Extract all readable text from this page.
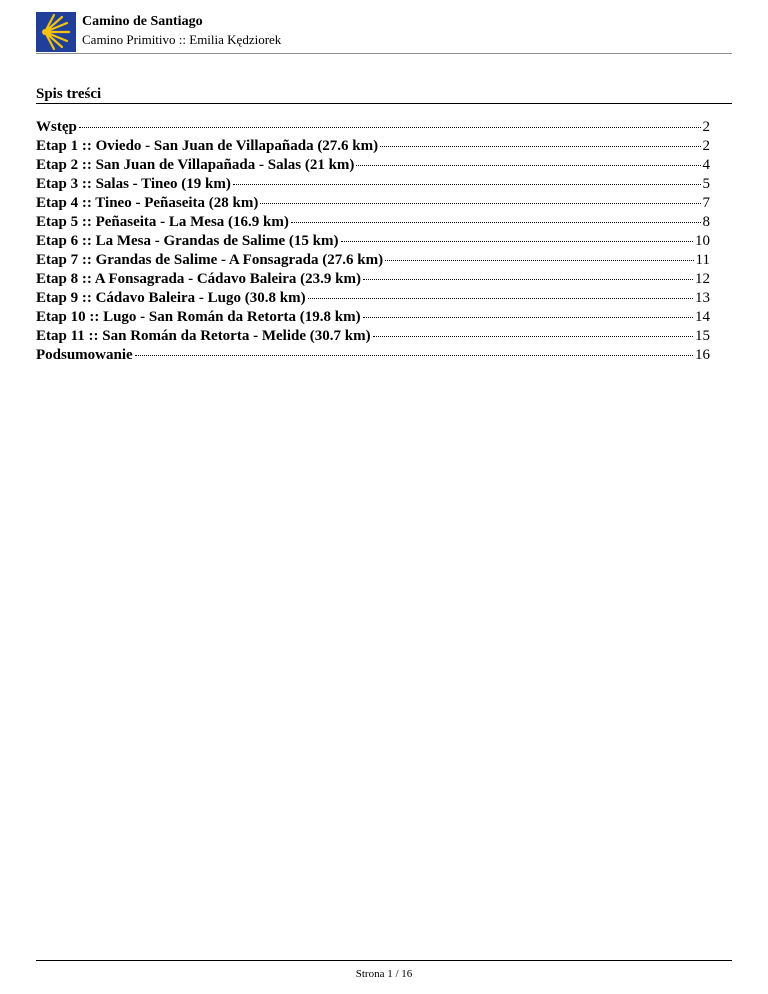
Camino de Santiago
Camino Primitivo :: Emilia Kędziorek
Spis treści
Wstęp	2
Etap 1 :: Oviedo - San Juan de Villapañada (27.6 km)	2
Etap 2 :: San Juan de Villapañada - Salas (21 km)	4
Etap 3 :: Salas - Tineo (19 km)	5
Etap 4 :: Tineo - Peñaseita (28 km)	7
Etap 5 :: Peñaseita - La Mesa (16.9 km)	8
Etap 6 :: La Mesa - Grandas de Salime (15 km)	10
Etap 7 :: Grandas de Salime - A Fonsagrada (27.6 km)	11
Etap 8 :: A Fonsagrada - Cádavo Baleira (23.9 km)	12
Etap 9 :: Cádavo Baleira - Lugo (30.8 km)	13
Etap 10 :: Lugo - San Román da Retorta (19.8 km)	14
Etap 11 :: San Román da Retorta - Melide (30.7 km)	15
Podsumowanie	16
Strona 1 / 16
